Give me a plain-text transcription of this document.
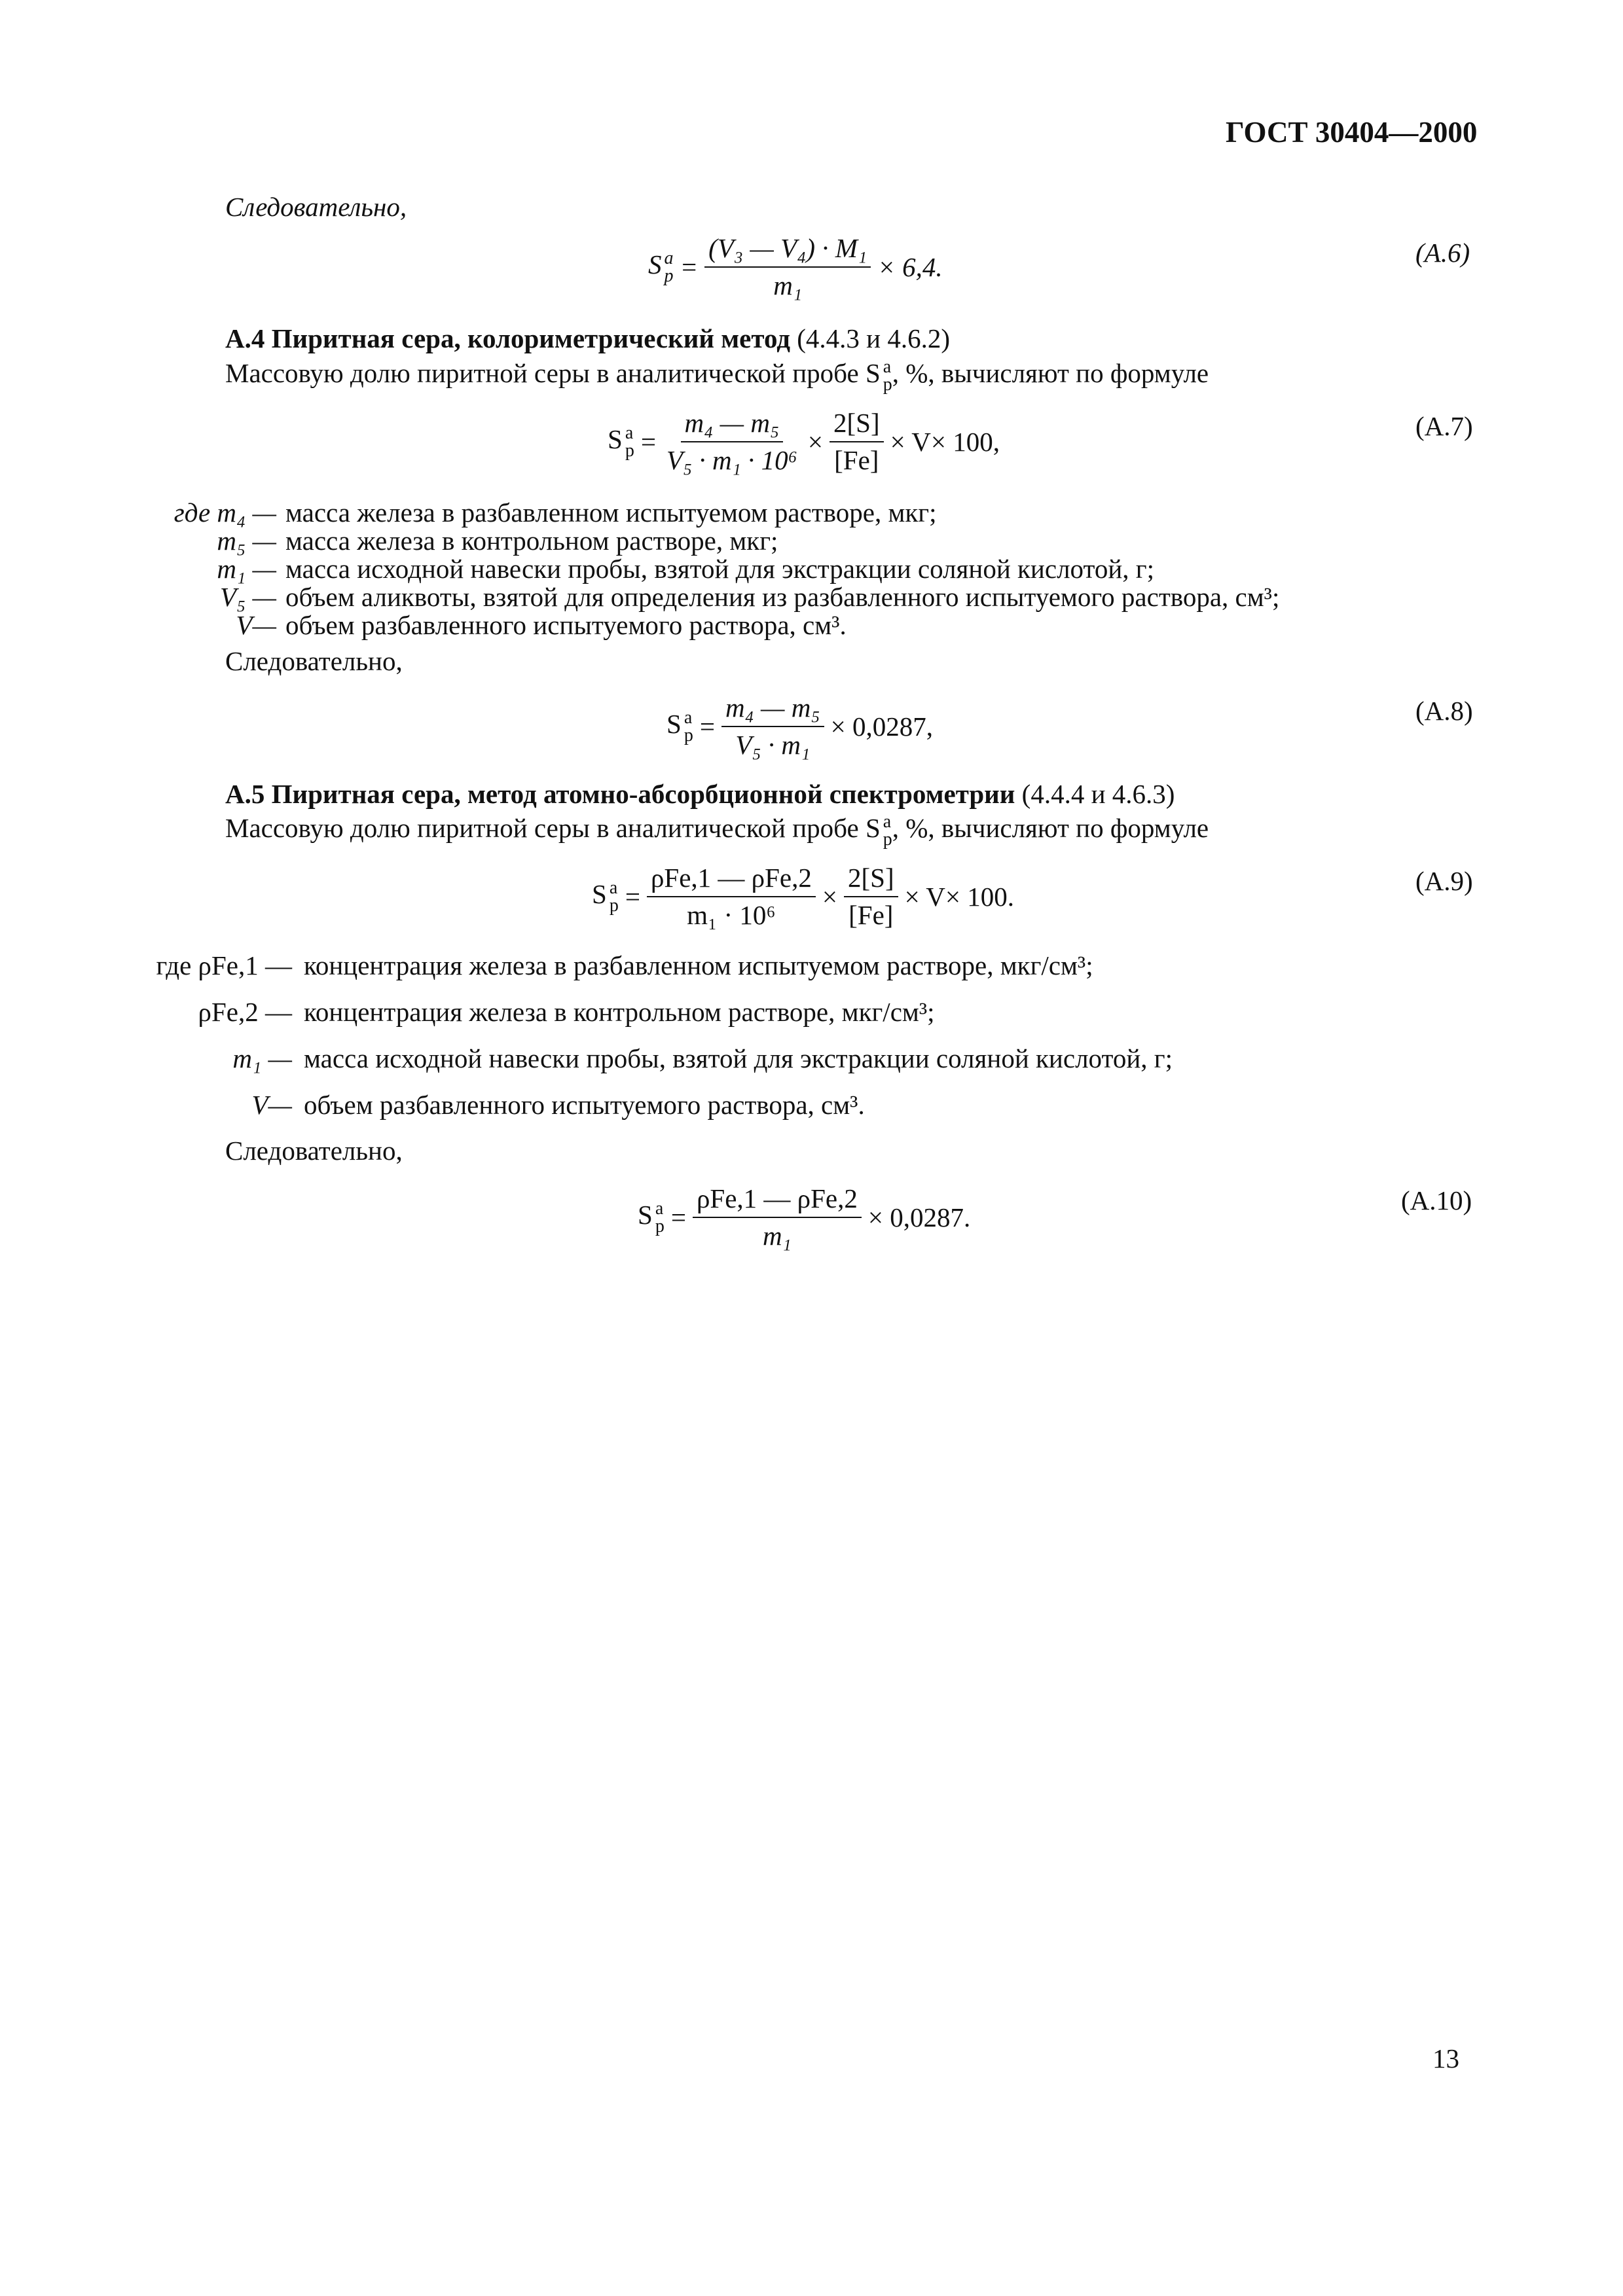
ГОСТ 30404—2000
Следовательно,
S a
$p = \frac{\text{(V₃ — V₄) · M₁}}{\text{m₁}} \times 6,4$.	(А.6)
А.4 Пиритная сера, колориметрический метод (4.4.3 и 4.6.2)
Массовую долю пиритной серы в аналитической пробе S a
p , %, вычисляют по формуле
S a
$p = \frac{\text{m₄ — m₅}}{\text{V₅ · m₁ · 10⁶}} \times \frac{2[S]}{[Fe]} \times V\times 100$,
(А.7)
где m₄ — масса железа в разбавленном испытуемом растворе, мкг;
m₅ — масса железа в контрольном растворе, мкг;
m₁ — масса исходной навески пробы, взятой для экстракции соляной кислотой, г;
V₅ — объем аликвоты, взятой для определения из разбавленного испытуемого раствора, см³;
V— объем разбавленного испытуемого раствора, см³.
Следовательно,
S a
$p = \frac{\text{m₄ — m₅}}{\text{V₅ · m₁}} \times 0,0287$,
(А.8)
А.5 Пиритная сера, метод атомно-абсорбционной спектрометрии (4.4.4 и 4.6.3)
Массовую долю пиритной серы в аналитической пробе S a
p , %, вычисляют по формуле
S a
$p = \frac{\text{ρFe,1 — ρFe,2}}{\text{m₁ · 10⁶}} \times \frac{2[S]}{[Fe]} \times V\times 100$.
(А.9)
где ρFe,1 — концентрация железа в разбавленном испытуемом растворе, мкг/см³;
ρFe,2 — концентрация железа в контрольном растворе, мкг/см³;
m₁ — масса исходной навески пробы, взятой для экстракции соляной кислотой, г;
V— объем разбавленного испытуемого раствора, см³.
Следовательно,
S a
$p = \frac{\text{ρFe,1 — ρFe,2}}{\text{m₁}} \times 0,0287$.
(А.10)
13
